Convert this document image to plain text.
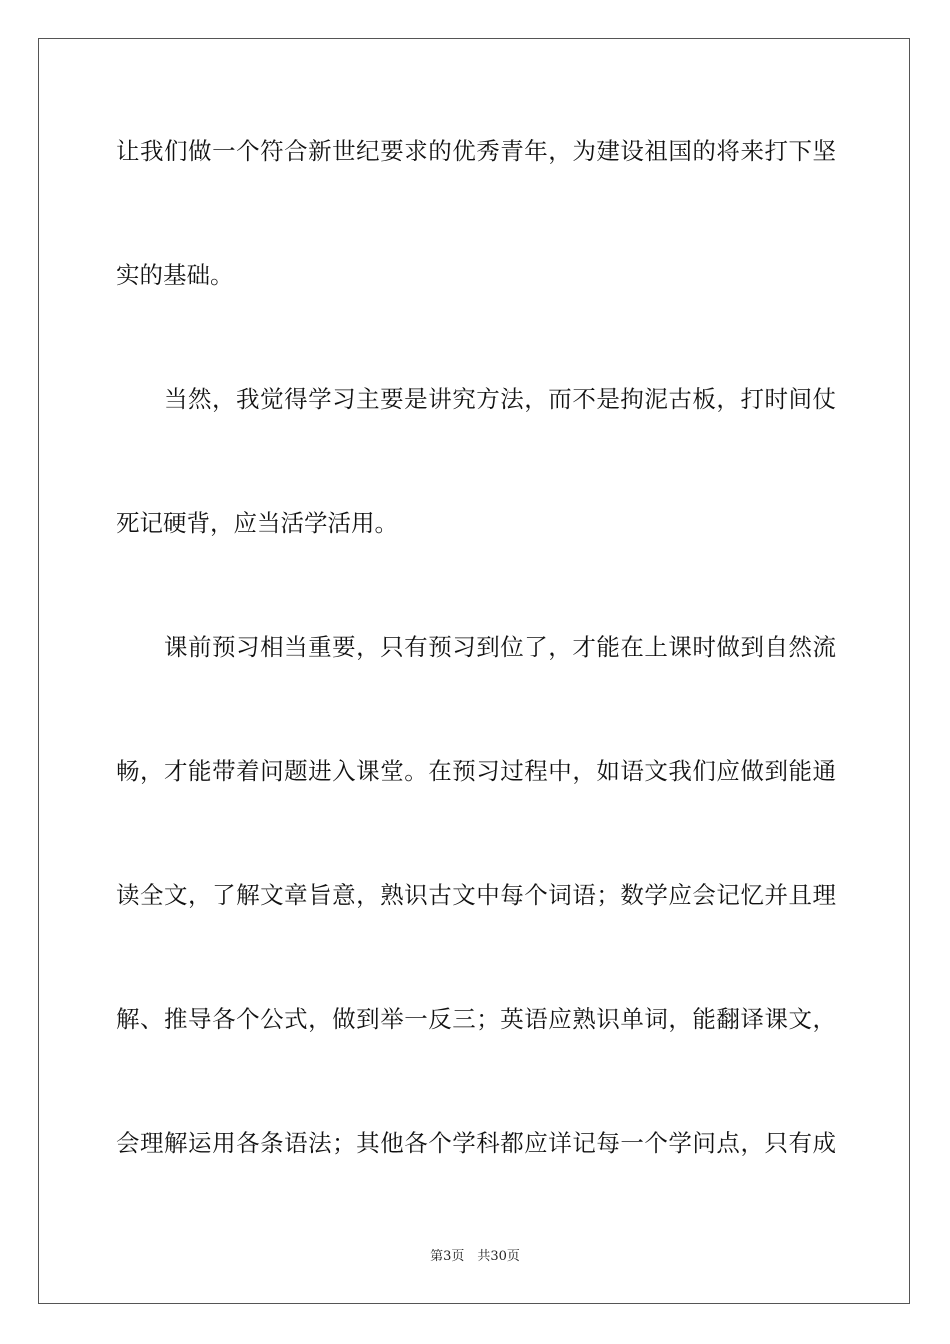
让我们做一个符合新世纪要求的优秀青年，为建设祖国的将来打下坚

实的基础。

当然，我觉得学习主要是讲究方法，而不是拘泥古板，打时间仗

死记硬背，应当活学活用。

课前预习相当重要，只有预习到位了，才能在上课时做到自然流

畅，才能带着问题进入课堂。在预习过程中，如语文我们应做到能通

读全文，了解文章旨意，熟识古文中每个词语；数学应会记忆并且理

解、推导各个公式，做到举一反三；英语应熟识单词，能翻译课文，

会理解运用各条语法；其他各个学科都应详记每一个学问点，只有成

第3页　共30页
